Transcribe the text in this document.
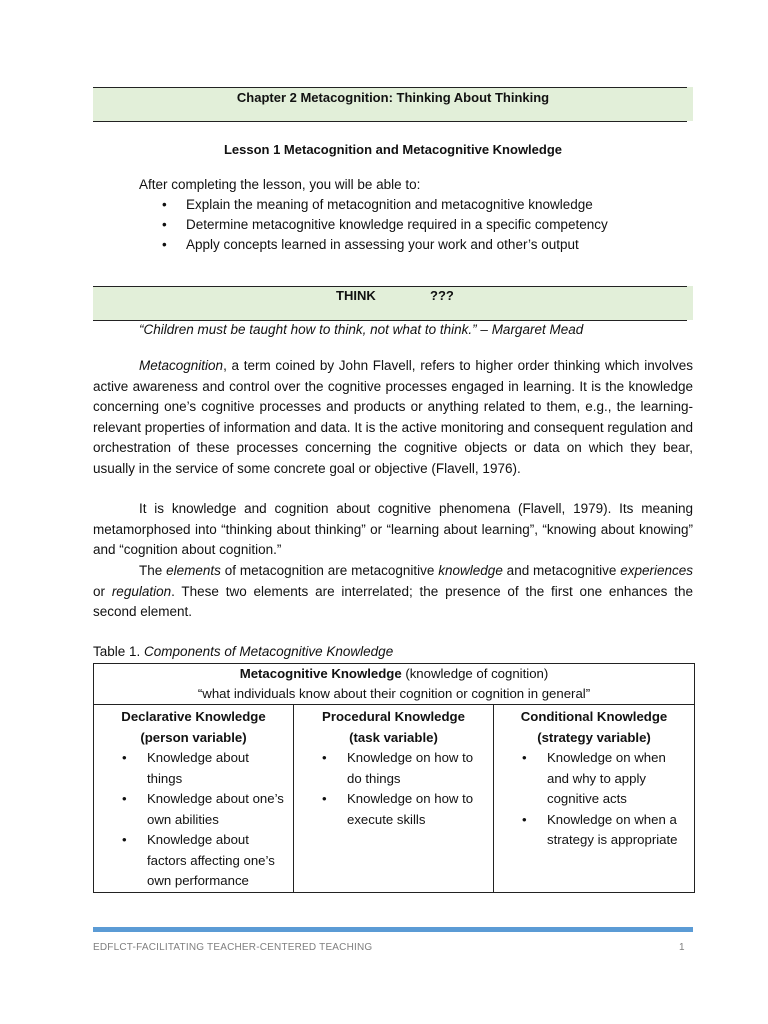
Chapter 2 Metacognition: Thinking About Thinking
Lesson 1 Metacognition and Metacognitive Knowledge
After completing the lesson, you will be able to:
• Explain the meaning of metacognition and metacognitive knowledge
• Determine metacognitive knowledge required in a specific competency
• Apply concepts learned in assessing your work and other’s output
THINK	???
“Children must be taught how to think, not what to think.” – Margaret Mead

Metacognition, a term coined by John Flavell, refers to higher order thinking which involves active awareness and control over the cognitive processes engaged in learning. It is the knowledge concerning one’s cognitive processes and products or anything related to them, e.g., the learning-relevant properties of information and data. It is the active monitoring and consequent regulation and orchestration of these processes concerning the cognitive objects or data on which they bear, usually in the service of some concrete goal or objective (Flavell, 1976).

It is knowledge and cognition about cognitive phenomena (Flavell, 1979). Its meaning metamorphosed into “thinking about thinking” or “learning about learning”, “knowing about knowing” and “cognition about cognition.”

The elements of metacognition are metacognitive knowledge and metacognitive experiences or regulation. These two elements are interrelated; the presence of the first one enhances the second element.

Table 1. Components of Metacognitive Knowledge
Metacognitive Knowledge (knowledge of cognition)
“what individuals know about their cognition or cognition in general”

Declarative Knowledge
(person variable)
• Knowledge about things
• Knowledge about one’s own abilities
• Knowledge about factors affecting one’s own performance

Procedural Knowledge
(task variable)
• Knowledge on how to do things
• Knowledge on how to execute skills

Conditional Knowledge
(strategy variable)
• Knowledge on when and why to apply cognitive acts
• Knowledge on when a strategy is appropriate
EDFLCT-FACILITATING TEACHER-CENTERED TEACHING	1
